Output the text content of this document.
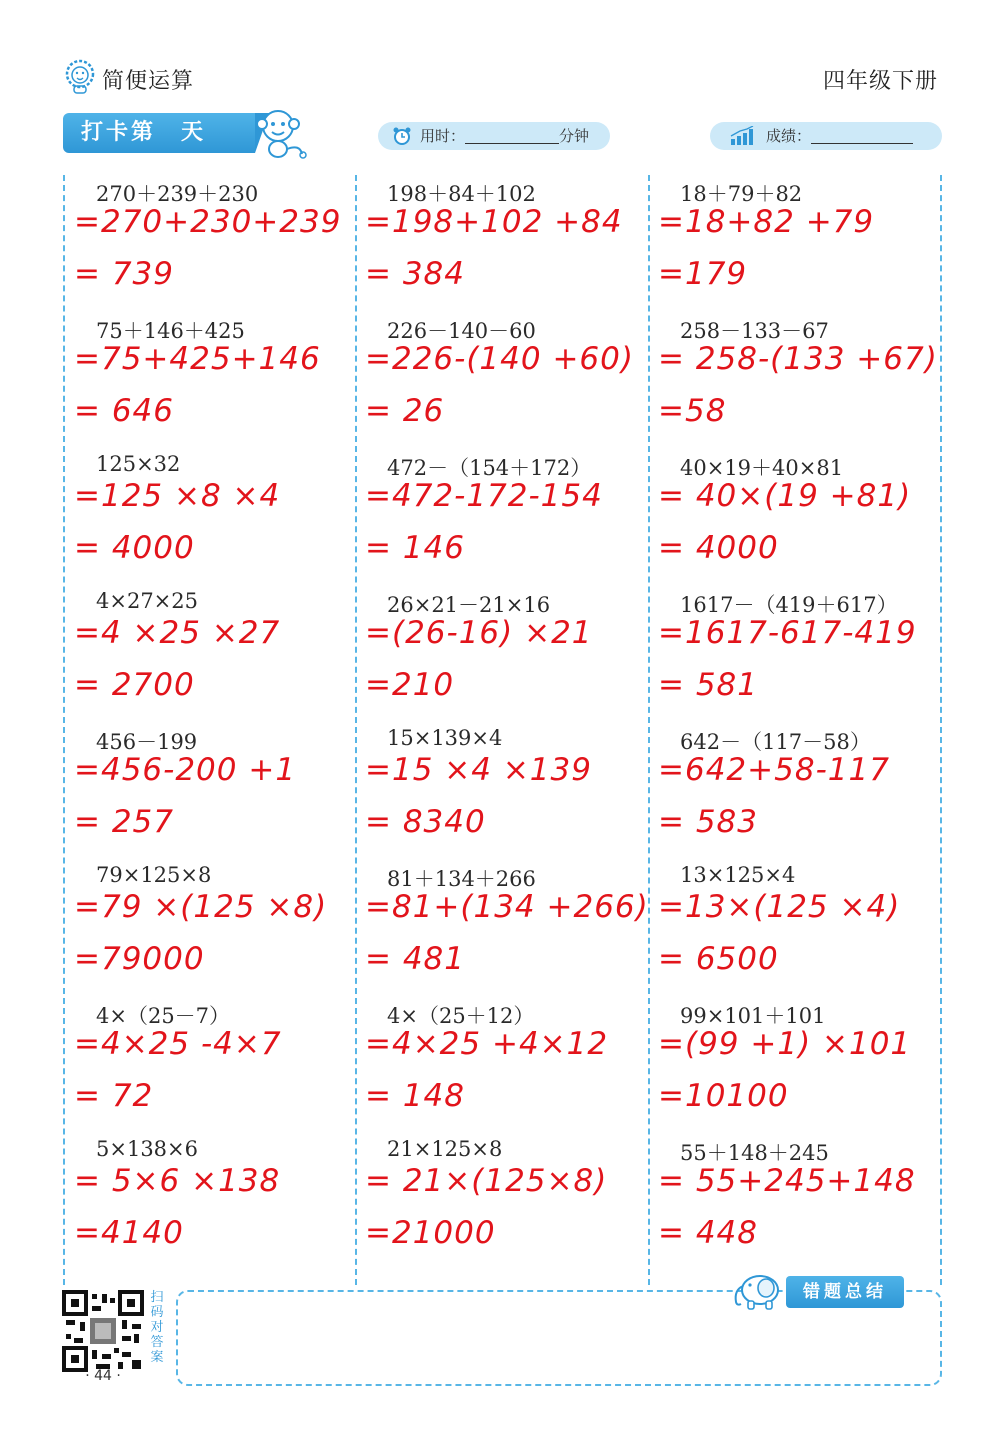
简便运算	四年级下册
打卡第　天	用时：	分钟	成绩：
270＋239＋230
=270+230+239
= 739
75＋146＋425
=75+425+146
= 646
125×32
=125 ×8 ×4
= 4000
4×27×25
=4 ×25 ×27
= 2700
456－199
=456-200 +1
= 257
79×125×8
=79 ×(125 ×8)
=79000
4×（25－7）
=4×25 -4×7
= 72
5×138×6
= 5×6 ×138
=4140
198＋84＋102
=198+102 +84
= 384
226－140－60
=226-(140 +60)
= 26
472－（154＋172）
=472-172-154
= 146
26×21－21×16
=(26-16) ×21
=210
15×139×4
=15 ×4 ×139
= 8340
81＋134＋266
=81+(134 +266)
= 481
4×（25＋12）
=4×25 +4×12
= 148
21×125×8
= 21×(125×8)
=21000
18＋79＋82
=18+82 +79
=179
258－133－67
= 258-(133 +67)
=58
40×19＋40×81
= 40×(19 +81)
= 4000
1617－（419＋617）
=1617-617-419
= 581
642－（117－58）
=642+58-117
= 583
13×125×4
=13×(125 ×4)
= 6500
99×101＋101
=(99 +1) ×101
=10100
55＋148＋245
= 55+245+148
= 448
扫
码
对
答
案
· 44 ·
错题总结
